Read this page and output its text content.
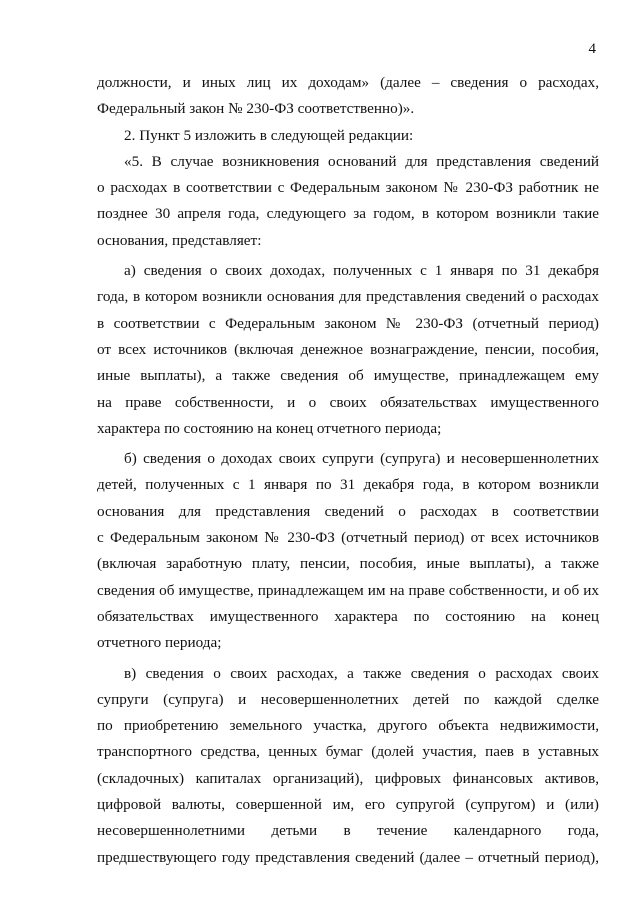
4
должности, и иных лиц их доходам» (далее – сведения о расходах,
Федеральный закон № 230-ФЗ соответственно)».
2. Пункт 5 изложить в следующей редакции:
«5. В случае возникновения оснований для представления сведений
о расходах в соответствии с Федеральным законом № 230-ФЗ работник не
позднее 30 апреля года, следующего за годом, в котором возникли такие
основания, представляет:
а) сведения о своих доходах, полученных с 1 января по 31 декабря
года, в котором возникли основания для представления сведений о расходах
в соответствии с Федеральным законом № 230-ФЗ (отчетный период)
от всех источников (включая денежное вознаграждение, пенсии, пособия,
иные выплаты), а также сведения об имуществе, принадлежащем ему
на праве собственности, и о своих обязательствах имущественного
характера по состоянию на конец отчетного периода;
б) сведения о доходах своих супруги (супруга) и несовершеннолетних
детей, полученных с 1 января по 31 декабря года, в котором возникли
основания для представления сведений о расходах в соответствии
с Федеральным законом № 230-ФЗ (отчетный период) от всех источников
(включая заработную плату, пенсии, пособия, иные выплаты), а также
сведения об имуществе, принадлежащем им на праве собственности, и об их
обязательствах имущественного характера по состоянию на конец
отчетного периода;
в) сведения о своих расходах, а также сведения о расходах своих
супруги (супруга) и несовершеннолетних детей по каждой сделке
по приобретению земельного участка, другого объекта недвижимости,
транспортного средства, ценных бумаг (долей участия, паев в уставных
(складочных) капиталах организаций), цифровых финансовых активов,
цифровой валюты, совершенной им, его супругой (супругом) и (или)
несовершеннолетними детьми в течение календарного года,
предшествующего году представления сведений (далее – отчетный период),
